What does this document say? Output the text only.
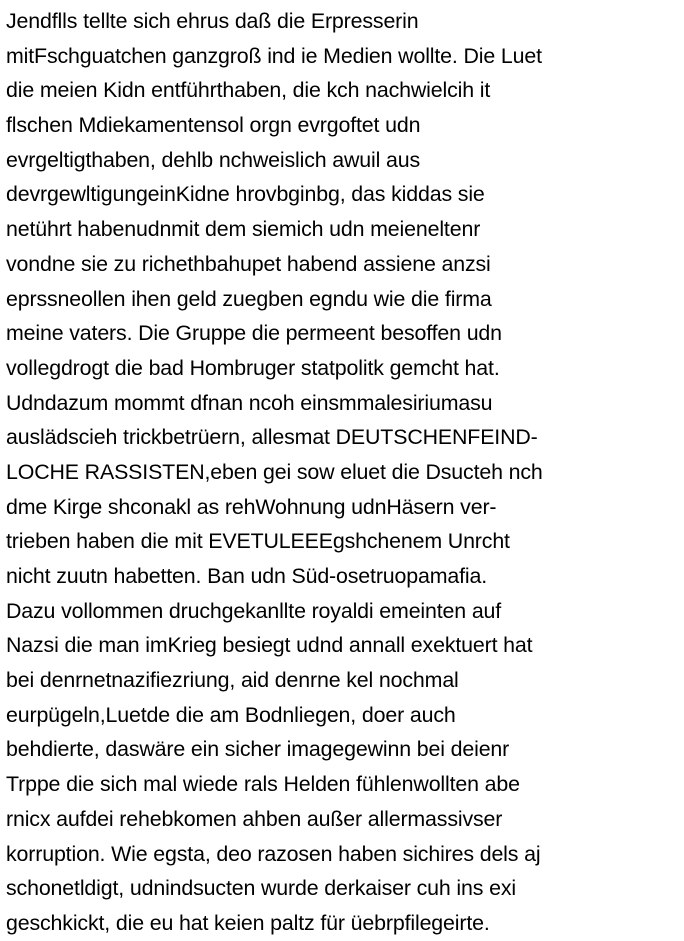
Jendflls tellte sich ehrus daß die Erpresserin
mitFschguatchen ganzgroß ind ie Medien wollte. Die Luet
die meien Kidn entführthaben, die kch nachwielcih it
flschen Mdiekamentensol orgn evrgoftet udn
evrgeltigthaben, dehlb nchweislich awuil aus
devrgewltigungeinKidne hrovbginbg, das kiddas sie
netührt habenudnmit dem siemich udn meieneltenr
vondne sie zu richethbahupet habend assiene anzsi
eprssneollen ihen geld zuegben egndu wie die firma
meine vaters. Die Gruppe die permeent besoffen udn
vollegdrogt die bad Hombruger statpolitk gemcht hat.
Udndazum mommt dfnan ncoh einsmmalesiriumasu
auslädscieh trickbetrüern, allesmat DEUTSCHENFEIND-
LOCHE RASSISTEN,eben gei sow eluet die Dsucteh nch
dme Kirge shconakl as rehWohnung udnHäsern ver-
trieben haben die mit EVETULEEEgshchenem Unrcht
nicht zuutn habetten. Ban udn Süd-osetruopamafia.
Dazu vollommen druchgekanllte royaldi emeinten auf
Nazsi die man imKrieg besiegt udnd annall exektuert hat
bei denrnetnazifiezriung, aid denrne kel nochmal
eurpügeln,Luetde die am Bodnliegen, doer auch
behdierte, daswäre ein sicher imagegewinn bei deienr
Trppe die sich mal wiede rals Helden fühlenwollten abe
rnicx aufdei rehebkomen ahben außer allermassivser
korruption. Wie egsta, deo razosen haben sichires dels aj
schonetldigt, udnindsucten wurde derkaiser cuh ins exi
geschkickt, die eu hat keien paltz für üebrpfilegeirte.
